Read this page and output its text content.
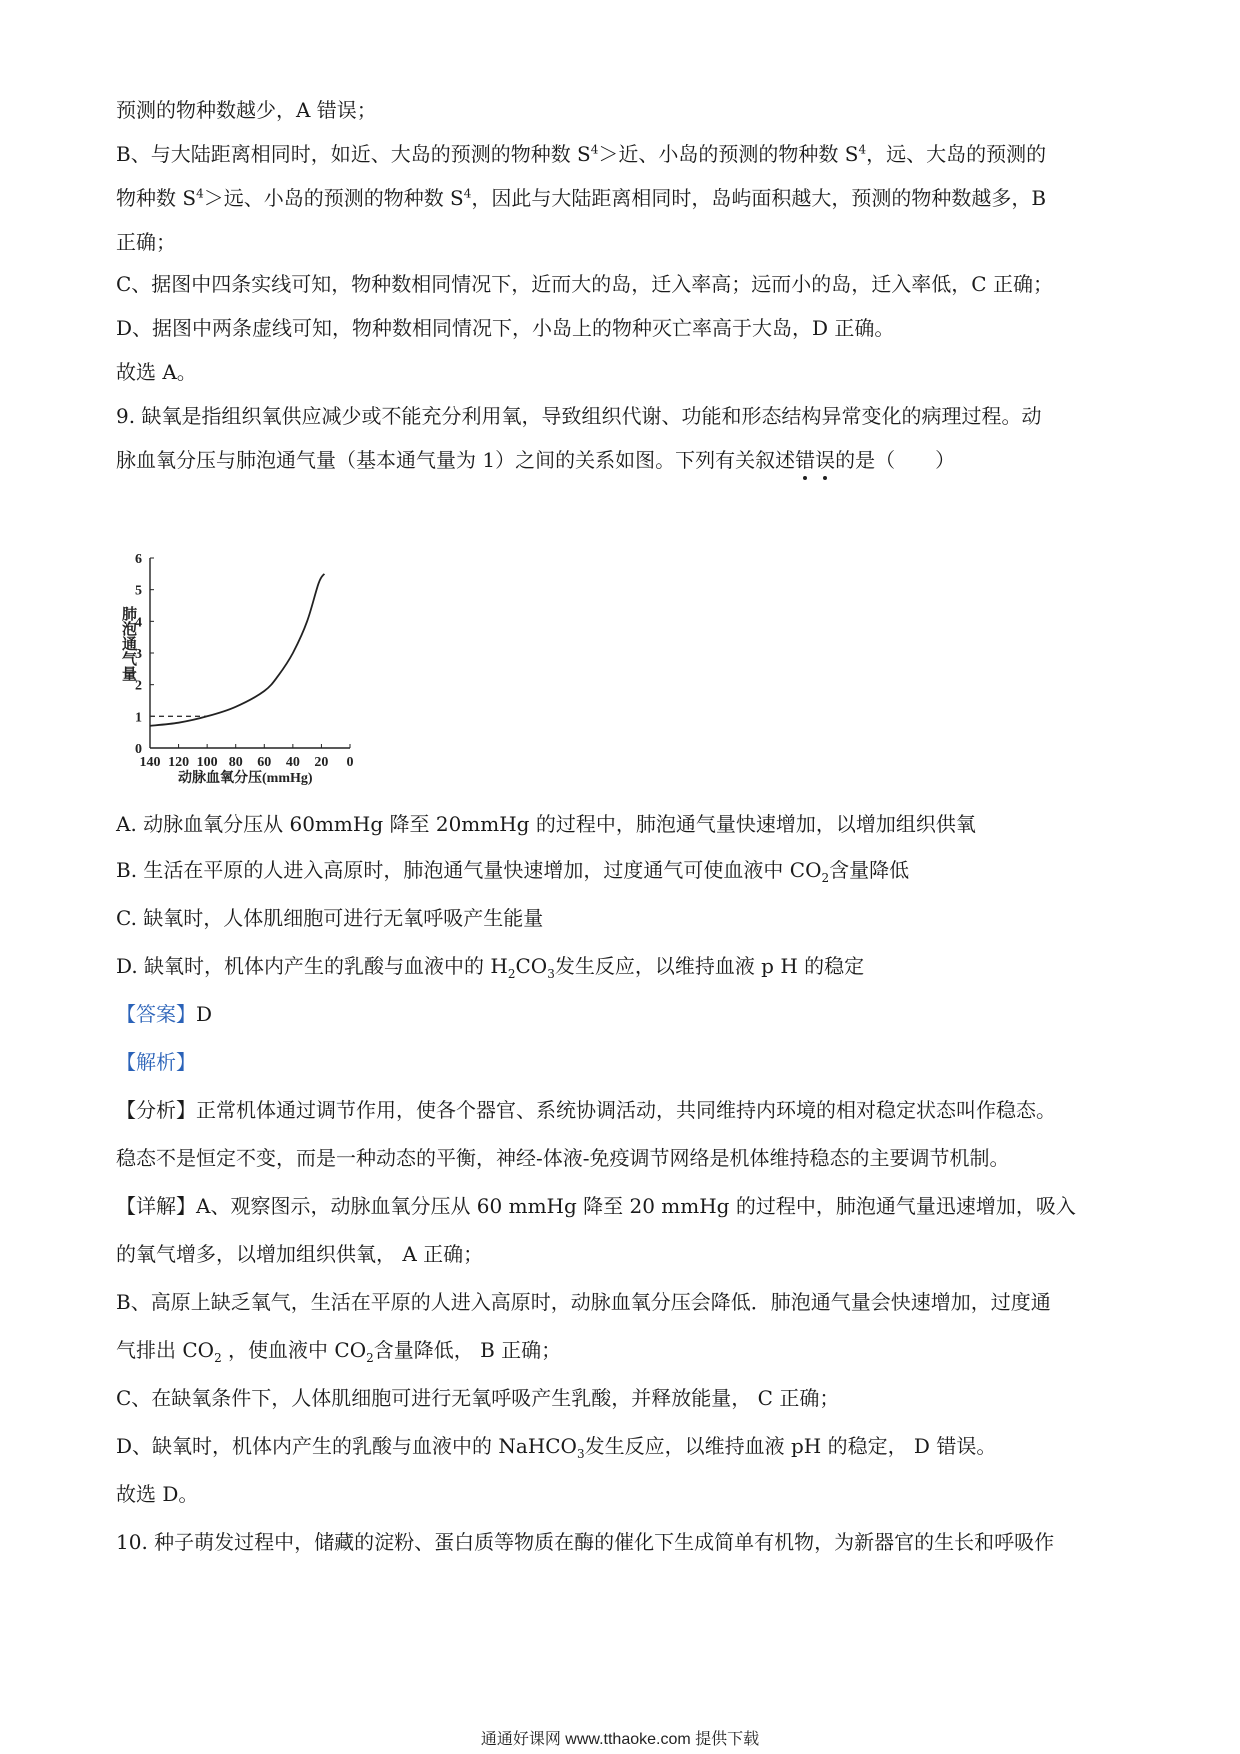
预测的物种数越少，A 错误；

B、与大陆距离相同时，如近、大岛的预测的物种数 $S^4>$近、小岛的预测的物种数 $S^4$，远、大岛的预测的

物种数 $S^4>$远、小岛的预测的物种数 $S^4$，因此与大陆距离相同时，岛屿面积越大，预测的物种数越多，B

正确；

C、据图中四条实线可知，物种数相同情况下，近而大的岛，迁入率高；远而小的岛，迁入率低，C 正确；

D、据图中两条虚线可知，物种数相同情况下，小岛上的物种灭亡率高于大岛，D 正确。

故选 A。

9. 缺氧是指组织氧供应减少或不能充分利用氧，导致组织代谢、功能和形态结构异常变化的病理过程。动

脉血氧分压与肺泡通气量（基本通气量为 1）之间的关系如图。下列有关叙述错误的是（　　）

0
1
2
3
4
5
6
140 120 100 80 60 40 20 0
肺泡通气量
动脉血氧分压(mmHg)

A. 动脉血氧分压从 60mmHg 降至 20mmHg 的过程中，肺泡通气量快速增加，以增加组织供氧

B. 生活在平原的人进入高原时，肺泡通气量快速增加，过度通气可使血液中 $CO_2$含量降低

C. 缺氧时，人体肌细胞可进行无氧呼吸产生能量

D. 缺氧时，机体内产生的乳酸与血液中的 $H_2CO_3$发生反应，以维持血液 p H 的稳定

【答案】D

【解析】

【分析】正常机体通过调节作用，使各个器官、系统协调活动，共同维持内环境的相对稳定状态叫作稳态。

稳态不是恒定不变，而是一种动态的平衡，神经-体液-免疫调节网络是机体维持稳态的主要调节机制。

【详解】A、观察图示，动脉血氧分压从 60 mmHg 降至 20 mmHg 的过程中，肺泡通气量迅速增加，吸入

的氧气增多，以增加组织供氧， A 正确；

B、高原上缺乏氧气，生活在平原的人进入高原时，动脉血氧分压会降低．肺泡通气量会快速增加，过度通

气排出 $CO_2$ ，使血液中 $CO_2$含量降低， B 正确；

C、在缺氧条件下，人体肌细胞可进行无氧呼吸产生乳酸，并释放能量， C 正确；

D、缺氧时，机体内产生的乳酸与血液中的 NaHCO$_3$发生反应，以维持血液 pH 的稳定， D 错误。

故选 D。

10. 种子萌发过程中，储藏的淀粉、蛋白质等物质在酶的催化下生成简单有机物，为新器官的生长和呼吸作

通通好课网 www.tthaoke.com 提供下载
